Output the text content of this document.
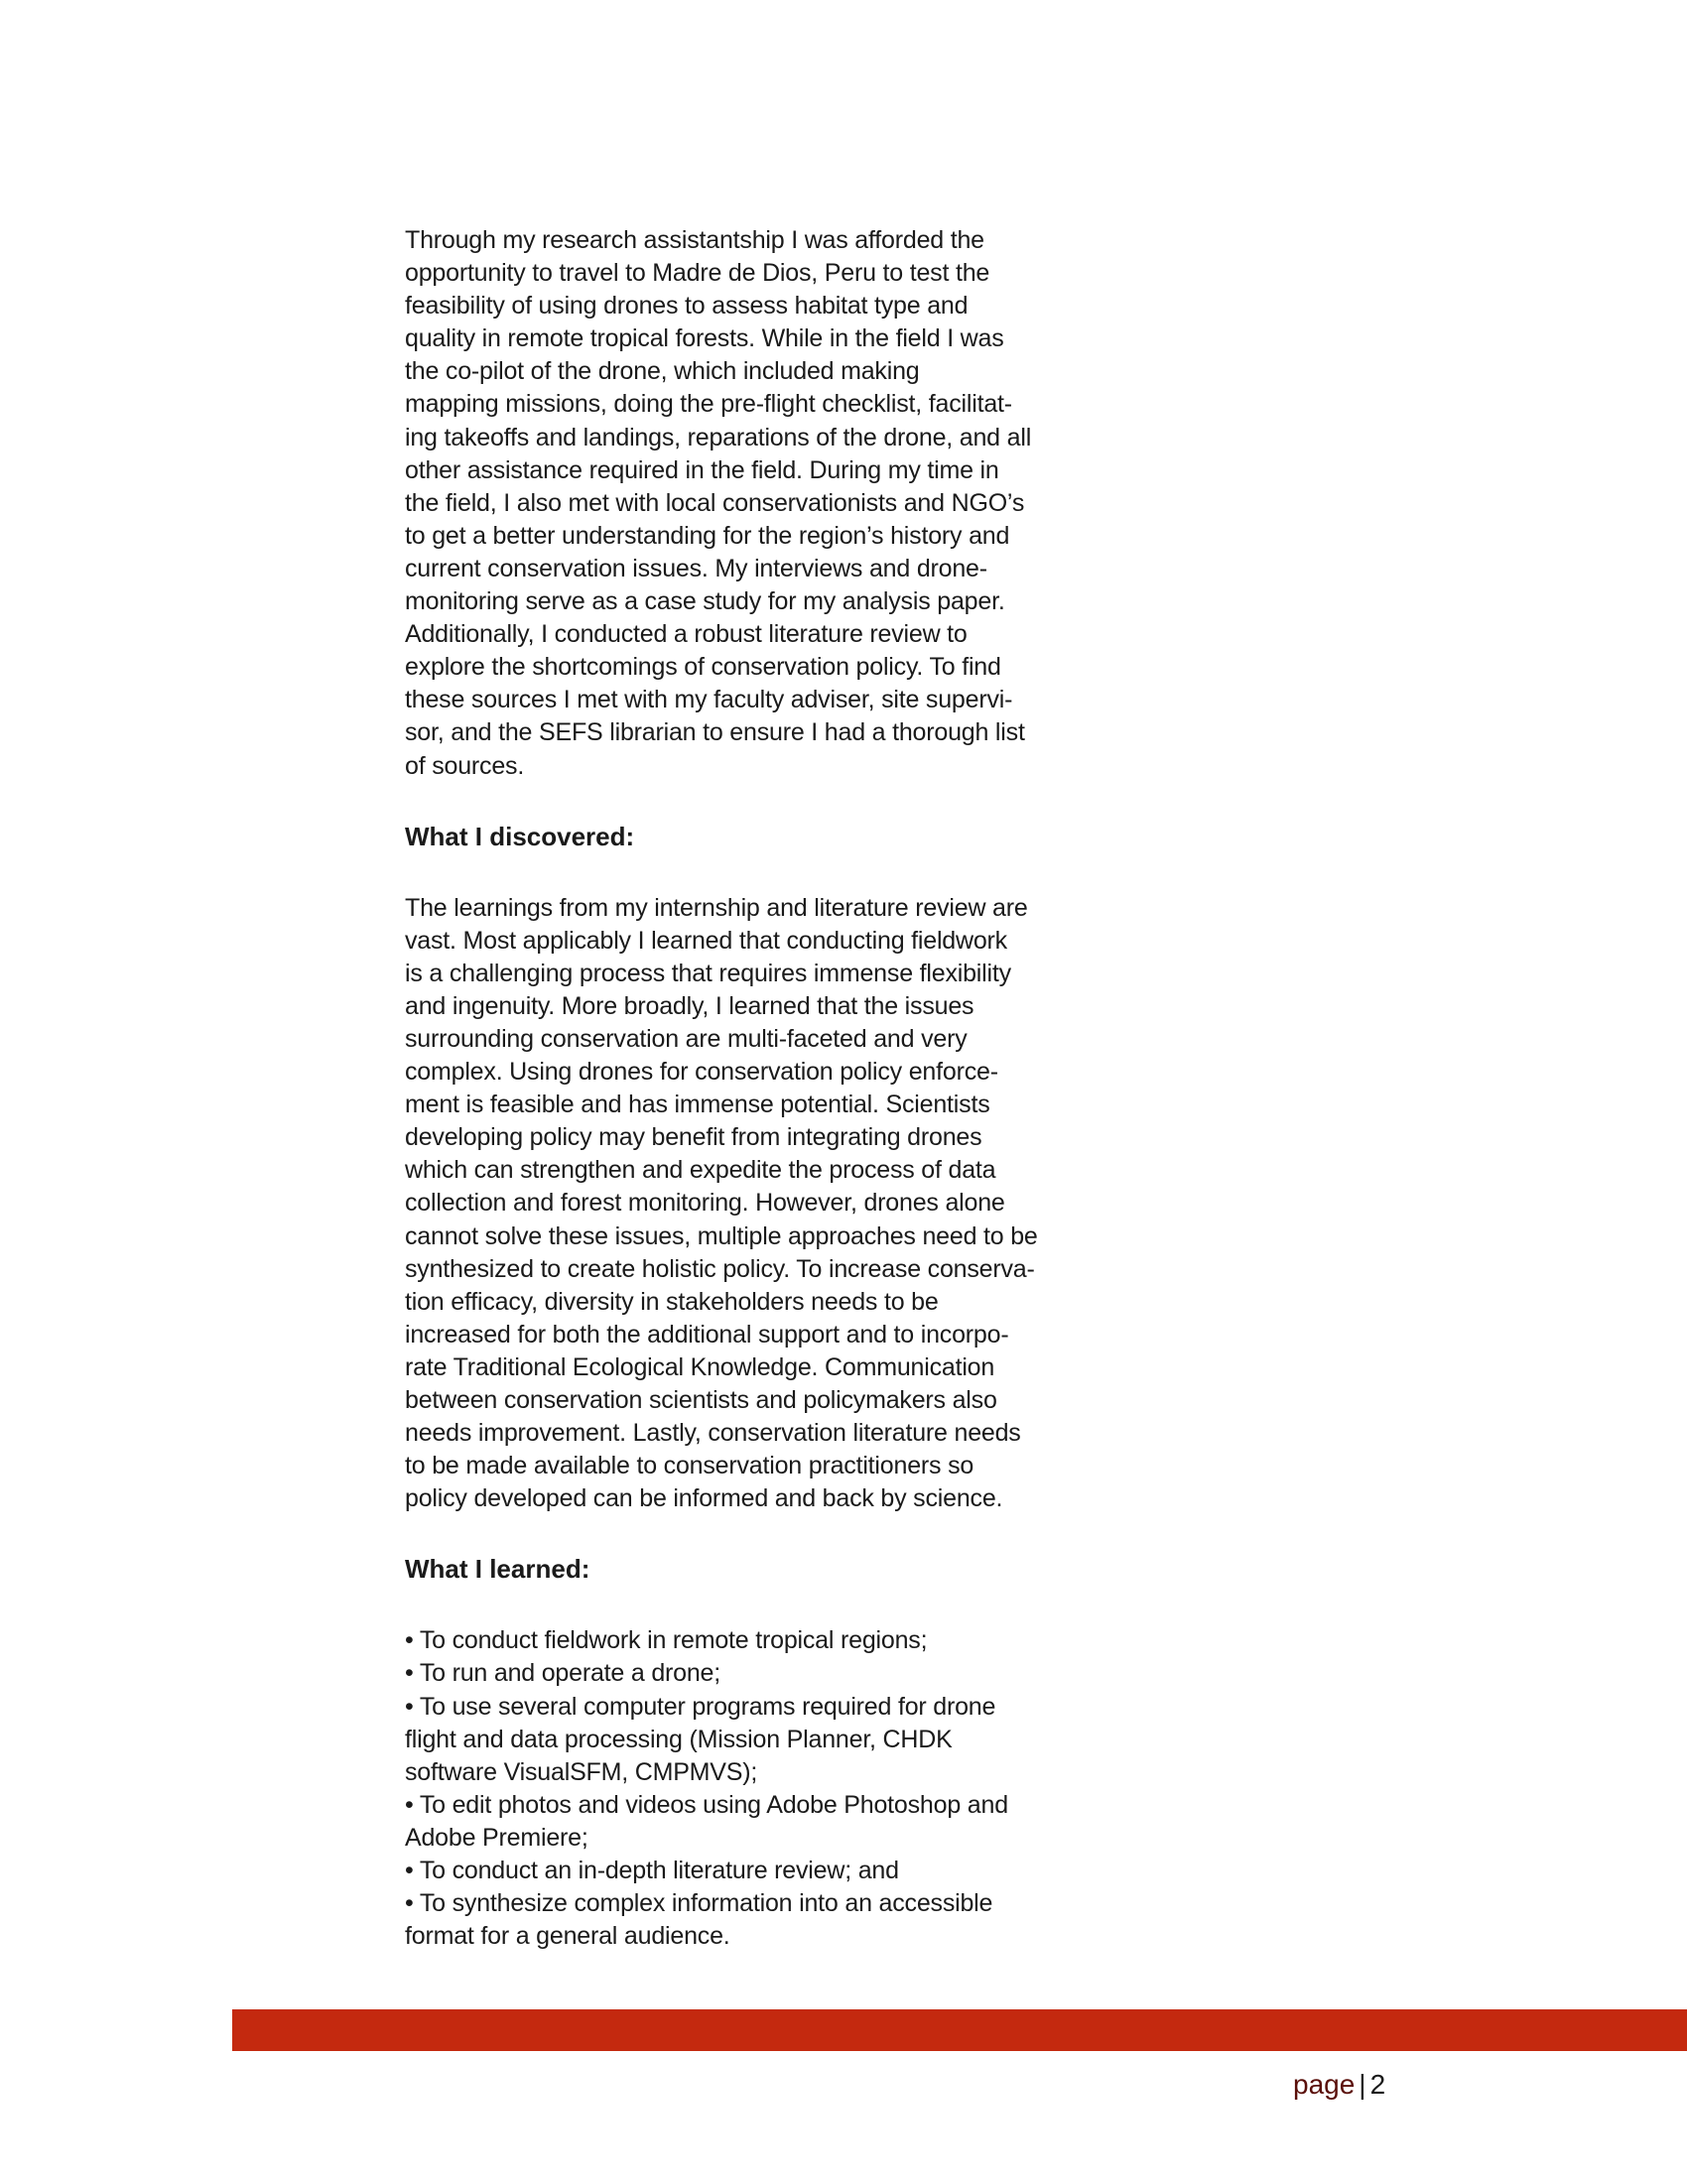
Through my research assistantship I was afforded the
opportunity to travel to Madre de Dios, Peru to test the
feasibility of using drones to assess habitat type and
quality in remote tropical forests. While in the field I was
the co-pilot of the drone, which included making
mapping missions, doing the pre-flight checklist, facilitat-
ing takeoffs and landings, reparations of the drone, and all
other assistance required in the field. During my time in
the field, I also met with local conservationists and NGO’s
to get a better understanding for the region’s history and
current conservation issues. My interviews and drone-
monitoring serve as a case study for my analysis paper.
Additionally, I conducted a robust literature review to
explore the shortcomings of conservation policy. To find
these sources I met with my faculty adviser, site supervi-
sor, and the SEFS librarian to ensure I had a thorough list
of sources.
What I discovered:
The learnings from my internship and literature review are
vast. Most applicably I learned that conducting fieldwork
is a challenging process that requires immense flexibility
and ingenuity. More broadly, I learned that the issues
surrounding conservation are multi-faceted and very
complex. Using drones for conservation policy enforce-
ment is feasible and has immense potential. Scientists
developing policy may benefit from integrating drones
which can strengthen and expedite the process of data
collection and forest monitoring. However, drones alone
cannot solve these issues, multiple approaches need to be
synthesized to create holistic policy. To increase conserva-
tion efficacy, diversity in stakeholders needs to be
increased for both the additional support and to incorpo-
rate Traditional Ecological Knowledge. Communication
between conservation scientists and policymakers also
needs improvement. Lastly, conservation literature needs
to be made available to conservation practitioners so
policy developed can be informed and back by science.
What I learned:
• To conduct fieldwork in remote tropical regions;
• To run and operate a drone;
• To use several computer programs required for drone
flight and data processing (Mission Planner, CHDK
software VisualSFM, CMPMVS);
• To edit photos and videos using Adobe Photoshop and
Adobe Premiere;
• To conduct an in-depth literature review; and
• To synthesize complex information into an accessible
format for a general audience.
page | 2
